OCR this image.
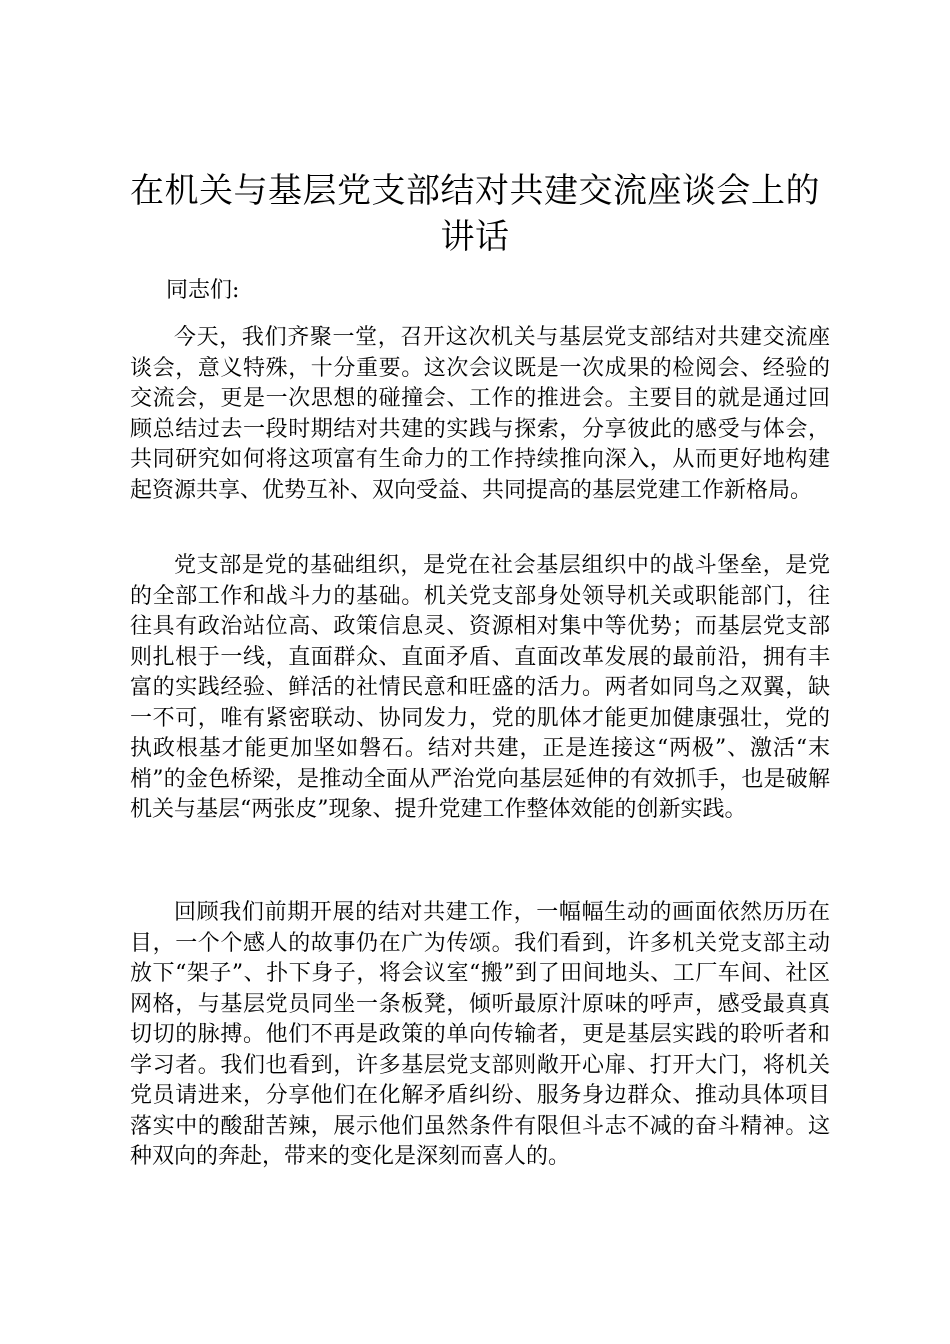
在机关与基层党支部结对共建交流座谈会上的讲话

同志们:

今天，我们齐聚一堂，召开这次机关与基层党支部结对共建交流座谈会，意义特殊，十分重要。这次会议既是一次成果的检阅会、经验的交流会，更是一次思想的碰撞会、工作的推进会。主要目的就是通过回顾总结过去一段时期结对共建的实践与探索，分享彼此的感受与体会，共同研究如何将这项富有生命力的工作持续推向深入，从而更好地构建起资源共享、优势互补、双向受益、共同提高的基层党建工作新格局。

党支部是党的基础组织，是党在社会基层组织中的战斗堡垒，是党的全部工作和战斗力的基础。机关党支部身处领导机关或职能部门，往往具有政治站位高、政策信息灵、资源相对集中等优势；而基层党支部则扎根于一线，直面群众、直面矛盾、直面改革发展的最前沿，拥有丰富的实践经验、鲜活的社情民意和旺盛的活力。两者如同鸟之双翼，缺一不可，唯有紧密联动、协同发力，党的肌体才能更加健康强壮，党的执政根基才能更加坚如磐石。结对共建，正是连接这“两极”、激活“末梢”的金色桥梁，是推动全面从严治党向基层延伸的有效抓手，也是破解机关与基层“两张皮”现象、提升党建工作整体效能的创新实践。

回顾我们前期开展的结对共建工作，一幅幅生动的画面依然历历在目，一个个感人的故事仍在广为传颂。我们看到，许多机关党支部主动放下“架子”、扑下身子，将会议室“搬”到了田间地头、工厂车间、社区网格，与基层党员同坐一条板凳，倾听最原汁原味的呼声，感受最真真切切的脉搏。他们不再是政策的单向传输者，更是基层实践的聆听者和学习者。我们也看到，许多基层党支部则敞开心扉、打开大门，将机关党员请进来，分享他们在化解矛盾纠纷、服务身边群众、推动具体项目落实中的酸甜苦辣，展示他们虽然条件有限但斗志不减的奋斗精神。这种双向的奔赴，带来的变化是深刻而喜人的。
